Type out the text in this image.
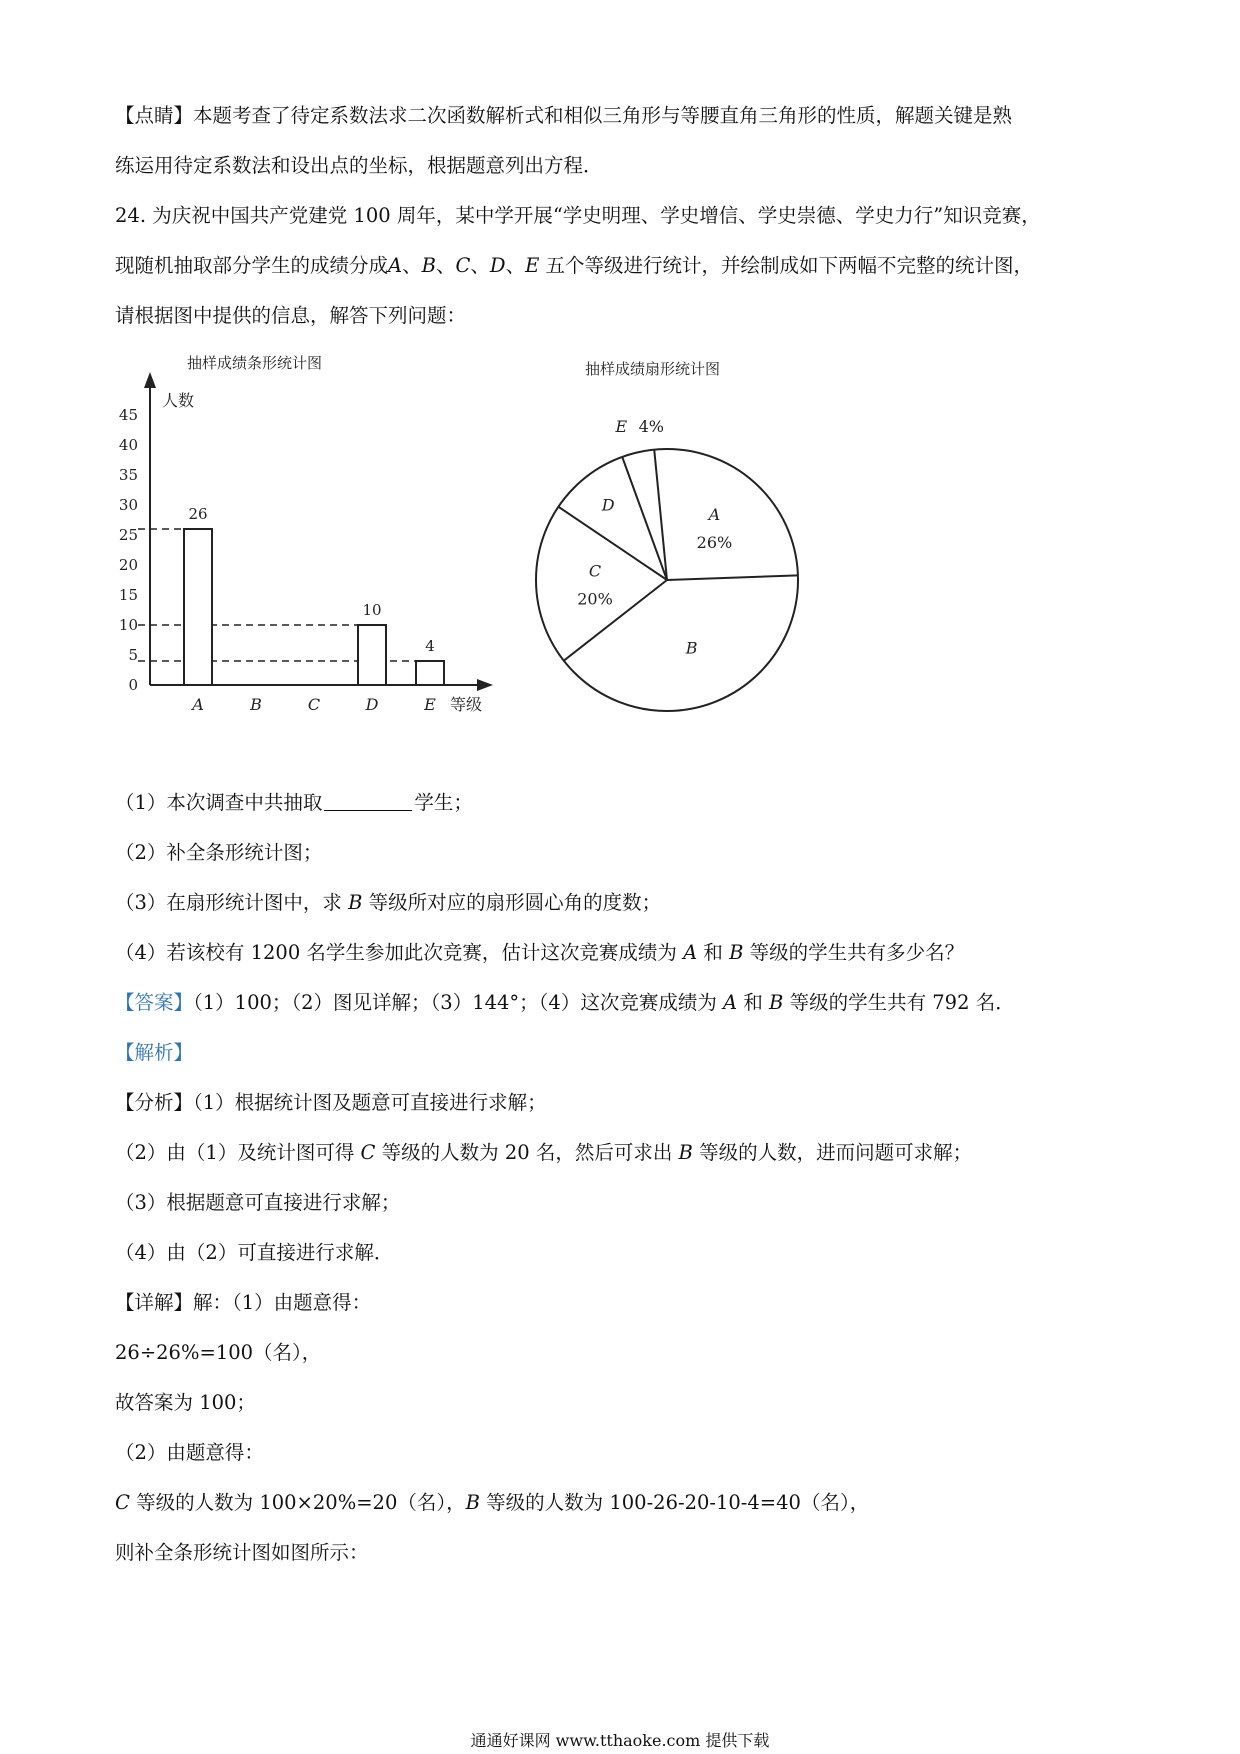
【点睛】本题考查了待定系数法求二次函数解析式和相似三角形与等腰直角三角形的性质，解题关键是熟
练运用待定系数法和设出点的坐标，根据题意列出方程．
24. 为庆祝中国共产党建党 100 周年，某中学开展“学史明理、学史增信、学史崇德、学史力行”知识竞赛，
现随机抽取部分学生的成绩分成A、B、C、D、E 五个等级进行统计，并绘制成如下两幅不完整的统计图，
请根据图中提供的信息，解答下列问题：
抽样成绩条形统计图
0
5
10
15
20
25
30
35
40
45
人数
等级
26
A	B	C
10
D
4
E
抽样成绩扇形统计图
A
26%
B
C
20%
D
E 4%
（1）本次调查中共抽取	学生；
（2）补全条形统计图；
（3）在扇形统计图中，求 B 等级所对应的扇形圆心角的度数；
（4）若该校有 1200 名学生参加此次竞赛，估计这次竞赛成绩为 A 和 B 等级的学生共有多少名？
【答案】（1）100；（2）图见详解；（3）144°；（4）这次竞赛成绩为 A 和 B 等级的学生共有 792 名．
【解析】
【分析】（1）根据统计图及题意可直接进行求解；
（2）由（1）及统计图可得 C 等级的人数为 20 名，然后可求出 B 等级的人数，进而问题可求解；
（3）根据题意可直接进行求解；
（4）由（2）可直接进行求解．
【详解】解：（1）由题意得：
26÷26%=100（名），
故答案为 100；
（2）由题意得：
C 等级的人数为 100×20%=20（名），B 等级的人数为 100-26-20-10-4=40（名），
则补全条形统计图如图所示：
通通好课网 www.tthaoke.com 提供下载
